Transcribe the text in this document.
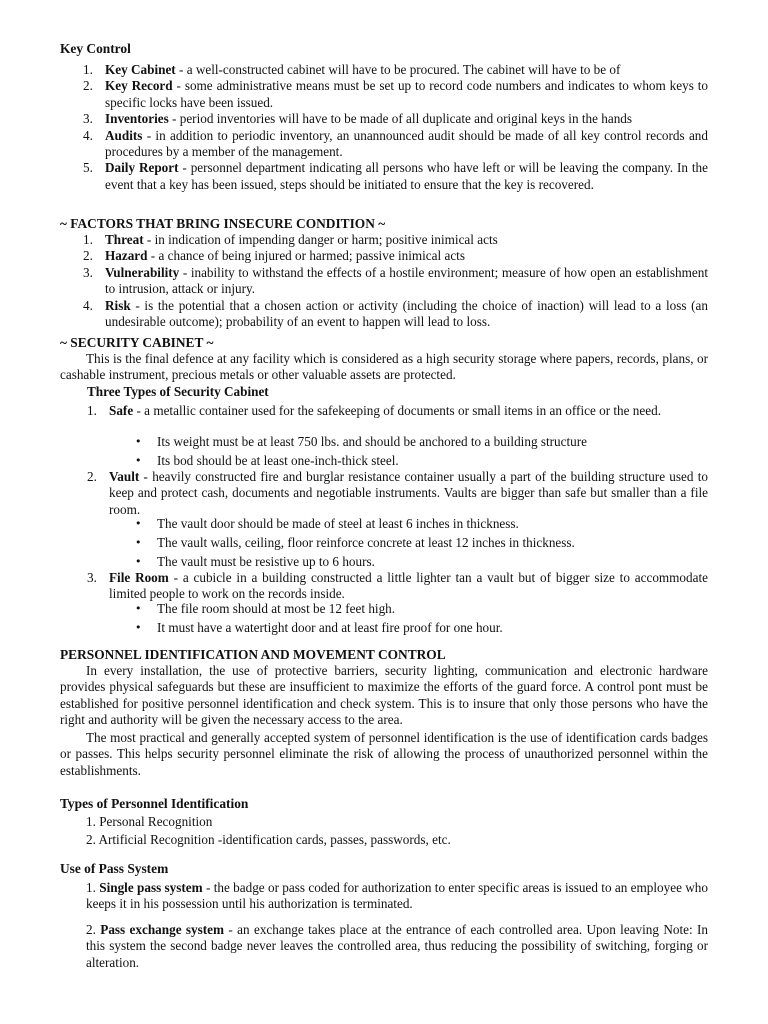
Key Control
1. Key Cabinet - a well-constructed cabinet will have to be procured. The cabinet will have to be of
2. Key Record - some administrative means must be set up to record code numbers and indicates to whom keys to specific locks have been issued.
3. Inventories - period inventories will have to be made of all duplicate and original keys in the hands
4. Audits - in addition to periodic inventory, an unannounced audit should be made of all key control records and procedures by a member of the management.
5. Daily Report - personnel department indicating all persons who have left or will be leaving the company. In the event that a key has been issued, steps should be initiated to ensure that the key is recovered.
~ FACTORS THAT BRING INSECURE CONDITION ~
1. Threat - in indication of impending danger or harm; positive inimical acts
2. Hazard - a chance of being injured or harmed; passive inimical acts
3. Vulnerability - inability to withstand the effects of a hostile environment; measure of how open an establishment to intrusion, attack or injury.
4. Risk - is the potential that a chosen action or activity (including the choice of inaction) will lead to a loss (an undesirable outcome); probability of an event to happen will lead to loss.
~ SECURITY CABINET ~

This is the final defence at any facility which is considered as a high security storage where papers, records, plans, or cashable instrument, precious metals or other valuable assets are protected.

Three Types of Security Cabinet
1. Safe - a metallic container used for the safekeeping of documents or small items in an office or the need.
• Its weight must be at least 750 lbs. and should be anchored to a building structure
• Its bod should be at least one-inch-thick steel.
2. Vault - heavily constructed fire and burglar resistance container usually a part of the building structure used to keep and protect cash, documents and negotiable instruments. Vaults are bigger than safe but smaller than a file room.
• The vault door should be made of steel at least 6 inches in thickness.
• The vault walls, ceiling, floor reinforce concrete at least 12 inches in thickness.
• The vault must be resistive up to 6 hours.
3. File Room - a cubicle in a building constructed a little lighter tan a vault but of bigger size to accommodate limited people to work on the records inside.
• The file room should at most be 12 feet high.
• It must have a watertight door and at least fire proof for one hour.
PERSONNEL IDENTIFICATION AND MOVEMENT CONTROL

In every installation, the use of protective barriers, security lighting, communication and electronic hardware provides physical safeguards but these are insufficient to maximize the efforts of the guard force. A control pont must be established for positive personnel identification and check system. This is to insure that only those persons who have the right and authority will be given the necessary access to the area.

The most practical and generally accepted system of personnel identification is the use of identification cards badges or passes. This helps security personnel eliminate the risk of allowing the process of unauthorized personnel within the establishments.

Types of Personnel Identification
1. Personal Recognition
2. Artificial Recognition -identification cards, passes, passwords, etc.
Use of Pass System
1. Single pass system - the badge or pass coded for authorization to enter specific areas is issued to an employee who keeps it in his possession until his authorization is terminated.
2. Pass exchange system - an exchange takes place at the entrance of each controlled area. Upon leaving Note: In this system the second badge never leaves the controlled area, thus reducing the possibility of switching, forging or alteration.
